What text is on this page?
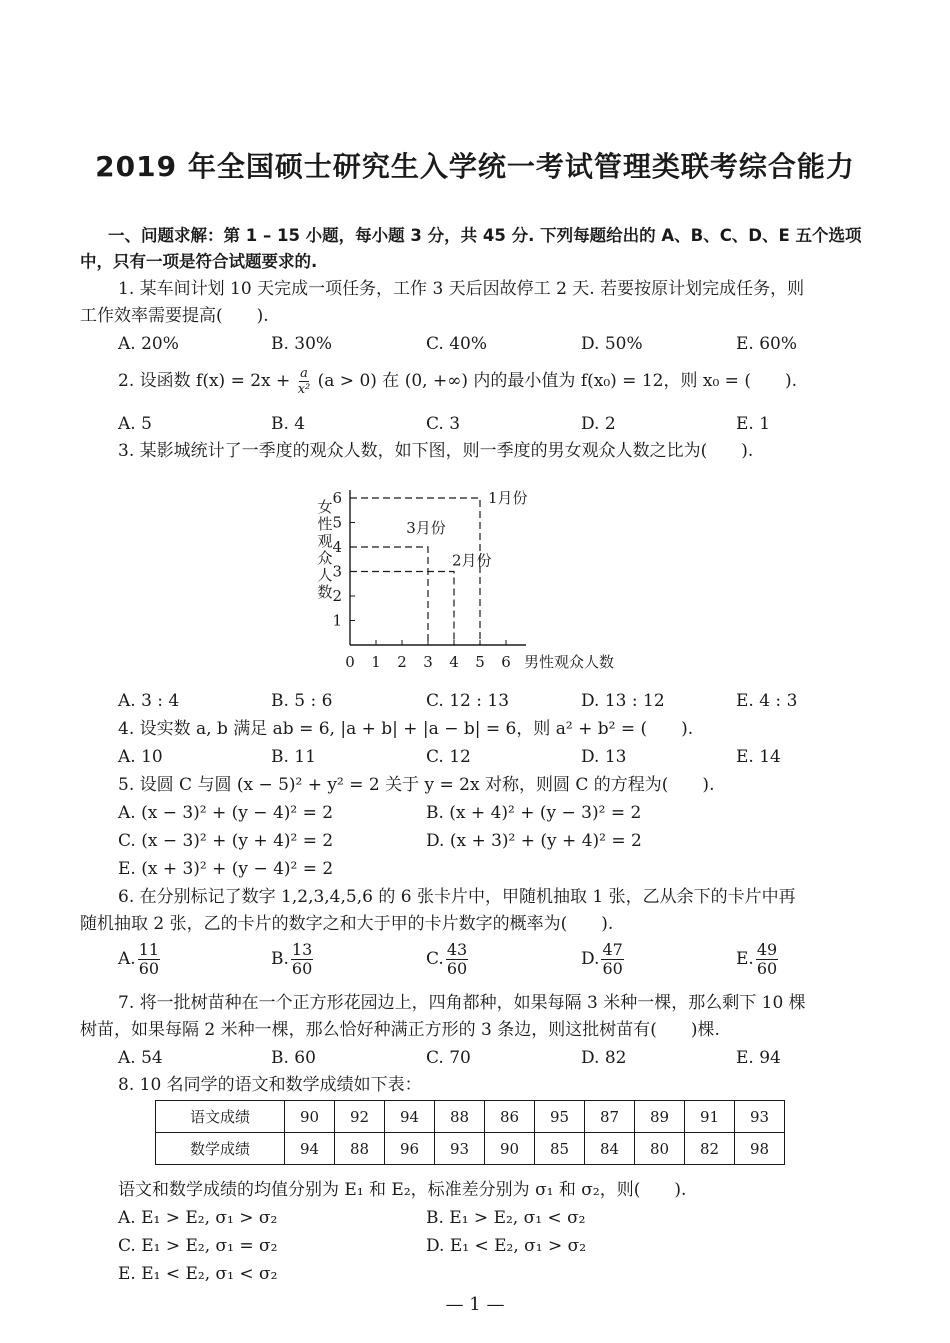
2019 年全国硕士研究生入学统一考试管理类联考综合能力
一、问题求解：第 1 – 15 小题，每小题 3 分，共 45 分. 下列每题给出的 A、B、C、D、E 五个选项
中，只有一项是符合试题要求的.
1. 某车间计划 10 天完成一项任务，工作 3 天后因故停工 2 天. 若要按原计划完成任务，则
工作效率需要提高(　　).
A. 20%	B. 30%	C. 40%	D. 50%	E. 60%
2. 设函数 $f(x) = 2x + \frac{a}{\text{x²}} (a > 0)$ 在 (0, +∞) 内的最小值为 f(x₀) = 12，则 x₀ = (　　).
A. 5	B. 4	C. 3	D. 2	E. 1
3. 某影城统计了一季度的观众人数，如下图，则一季度的男女观众人数之比为(　　).
0 1 2 3 4 5 6
1
2
3
4
5
6
女性观众人数
男性观众人数
1月份
3月份
2月份
A. 3 : 4	B. 5 : 6	C. 12 : 13	D. 13 : 12	E. 4 : 3
4. 设实数 a, b 满足 ab = 6, |a + b| + |a − b| = 6，则 a² + b² = (　　).
A. 10	B. 11	C. 12	D. 13	E. 14
5. 设圆 C 与圆 (x − 5)² + y² = 2 关于 y = 2x 对称，则圆 C 的方程为(　　).
A. (x − 3)² + (y − 4)² = 2	B. (x + 4)² + (y − 3)² = 2
C. (x − 3)² + (y + 4)² = 2	D. (x + 3)² + (y + 4)² = 2
E. (x + 3)² + (y − 4)² = 2
6. 在分别标记了数字 1,2,3,4,5,6 的 6 张卡片中，甲随机抽取 1 张，乙从余下的卡片中再
随机抽取 2 张，乙的卡片的数字之和大于甲的卡片数字的概率为(　　).
A. $\frac{11}{60}$	B. $\frac{13}{60}$	C. $\frac{43}{60}$	D. $\frac{47}{60}$	E. $\frac{49}{60}$
7. 将一批树苗种在一个正方形花园边上，四角都种，如果每隔 3 米种一棵，那么剩下 10 棵
树苗，如果每隔 2 米种一棵，那么恰好种满正方形的 3 条边，则这批树苗有(　　)棵.
A. 54	B. 60	C. 70	D. 82	E. 94
8. 10 名同学的语文和数学成绩如下表：
语文成绩	90	92	94	88	86	95	87	89	91	93
数学成绩	94	88	96	93	90	85	84	80	82	98
语文和数学成绩的均值分别为 E₁ 和 E₂，标准差分别为 σ₁ 和 σ₂，则(　　).
A. E₁ > E₂, σ₁ > σ₂	B. E₁ > E₂, σ₁ < σ₂
C. E₁ > E₂, σ₁ = σ₂	D. E₁ < E₂, σ₁ > σ₂
E. E₁ < E₂, σ₁ < σ₂
— 1 —
